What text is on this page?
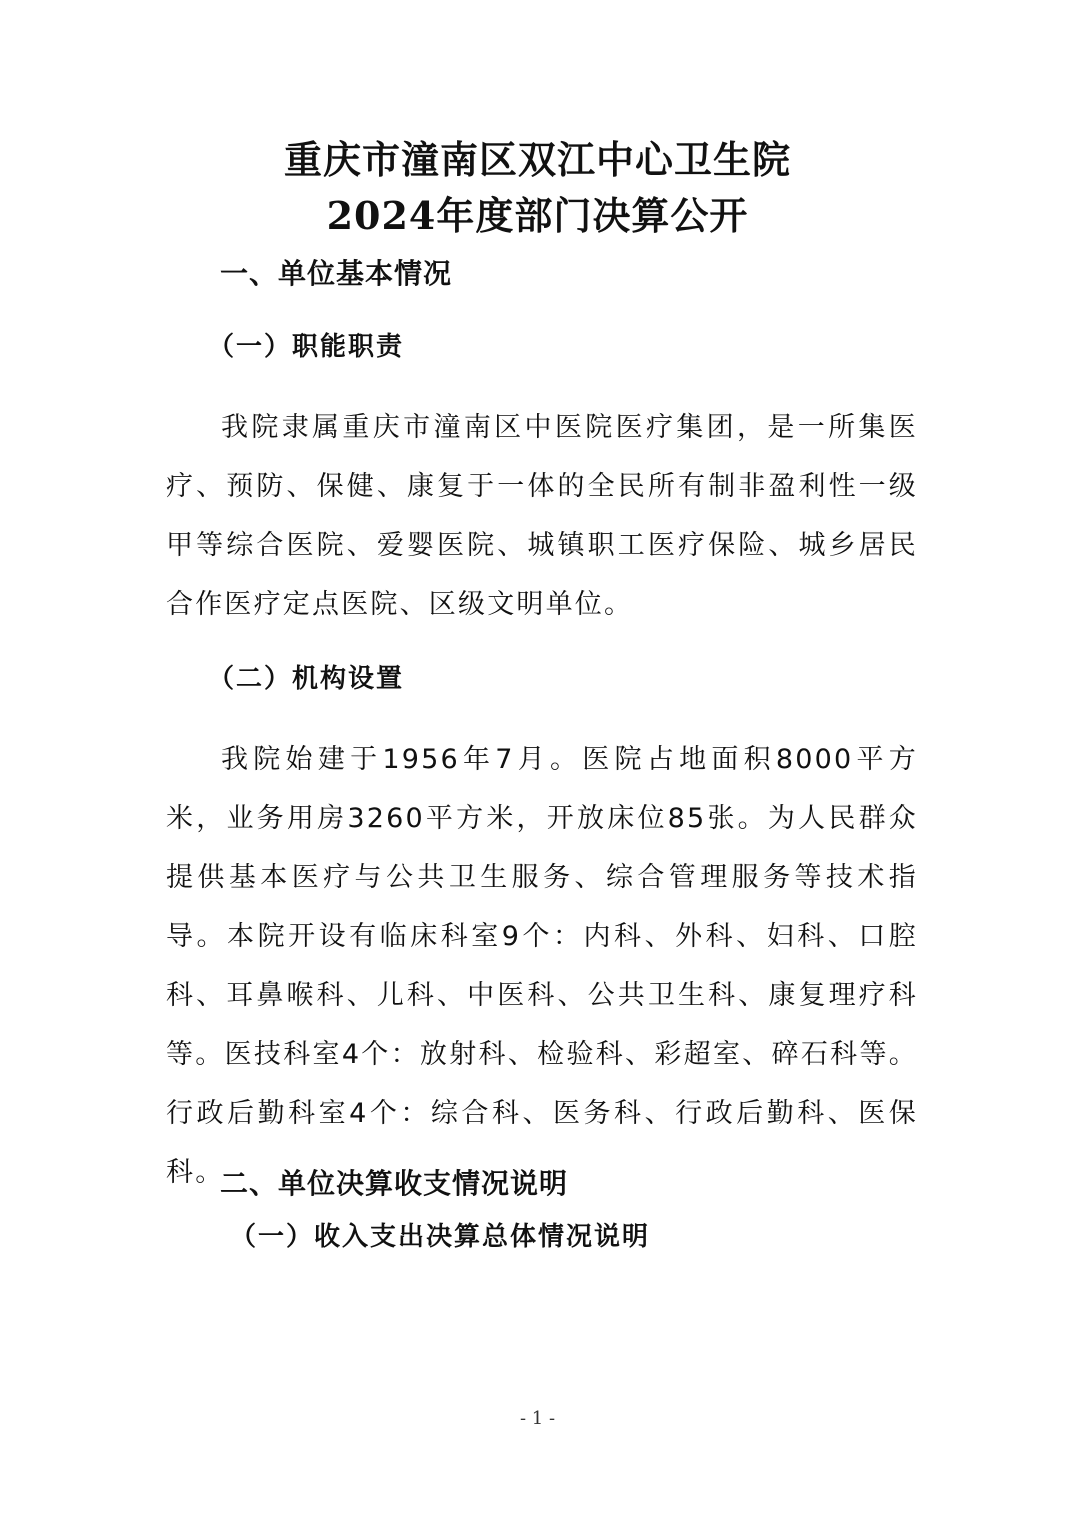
重庆市潼南区双江中心卫生院
2024年度部门决算公开
一、单位基本情况
（一）职能职责

我院隶属重庆市潼南区中医院医疗集团，是一所集医疗、预防、保健、康复于一体的全民所有制非盈利性一级甲等综合医院、爱婴医院、城镇职工医疗保险、城乡居民合作医疗定点医院、区级文明单位。

（二）机构设置

我院始建于1956年7月。医院占地面积8000平方米，业务用房3260平方米，开放床位85张。为人民群众提供基本医疗与公共卫生服务、综合管理服务等技术指导。本院开设有临床科室9个：内科、外科、妇科、口腔科、耳鼻喉科、儿科、中医科、公共卫生科、康复理疗科等。医技科室4个：放射科、检验科、彩超室、碎石科等。行政后勤科室4个：综合科、医务科、行政后勤科、医保科。

二、单位决算收支情况说明
（一）收入支出决算总体情况说明
- 1 -
